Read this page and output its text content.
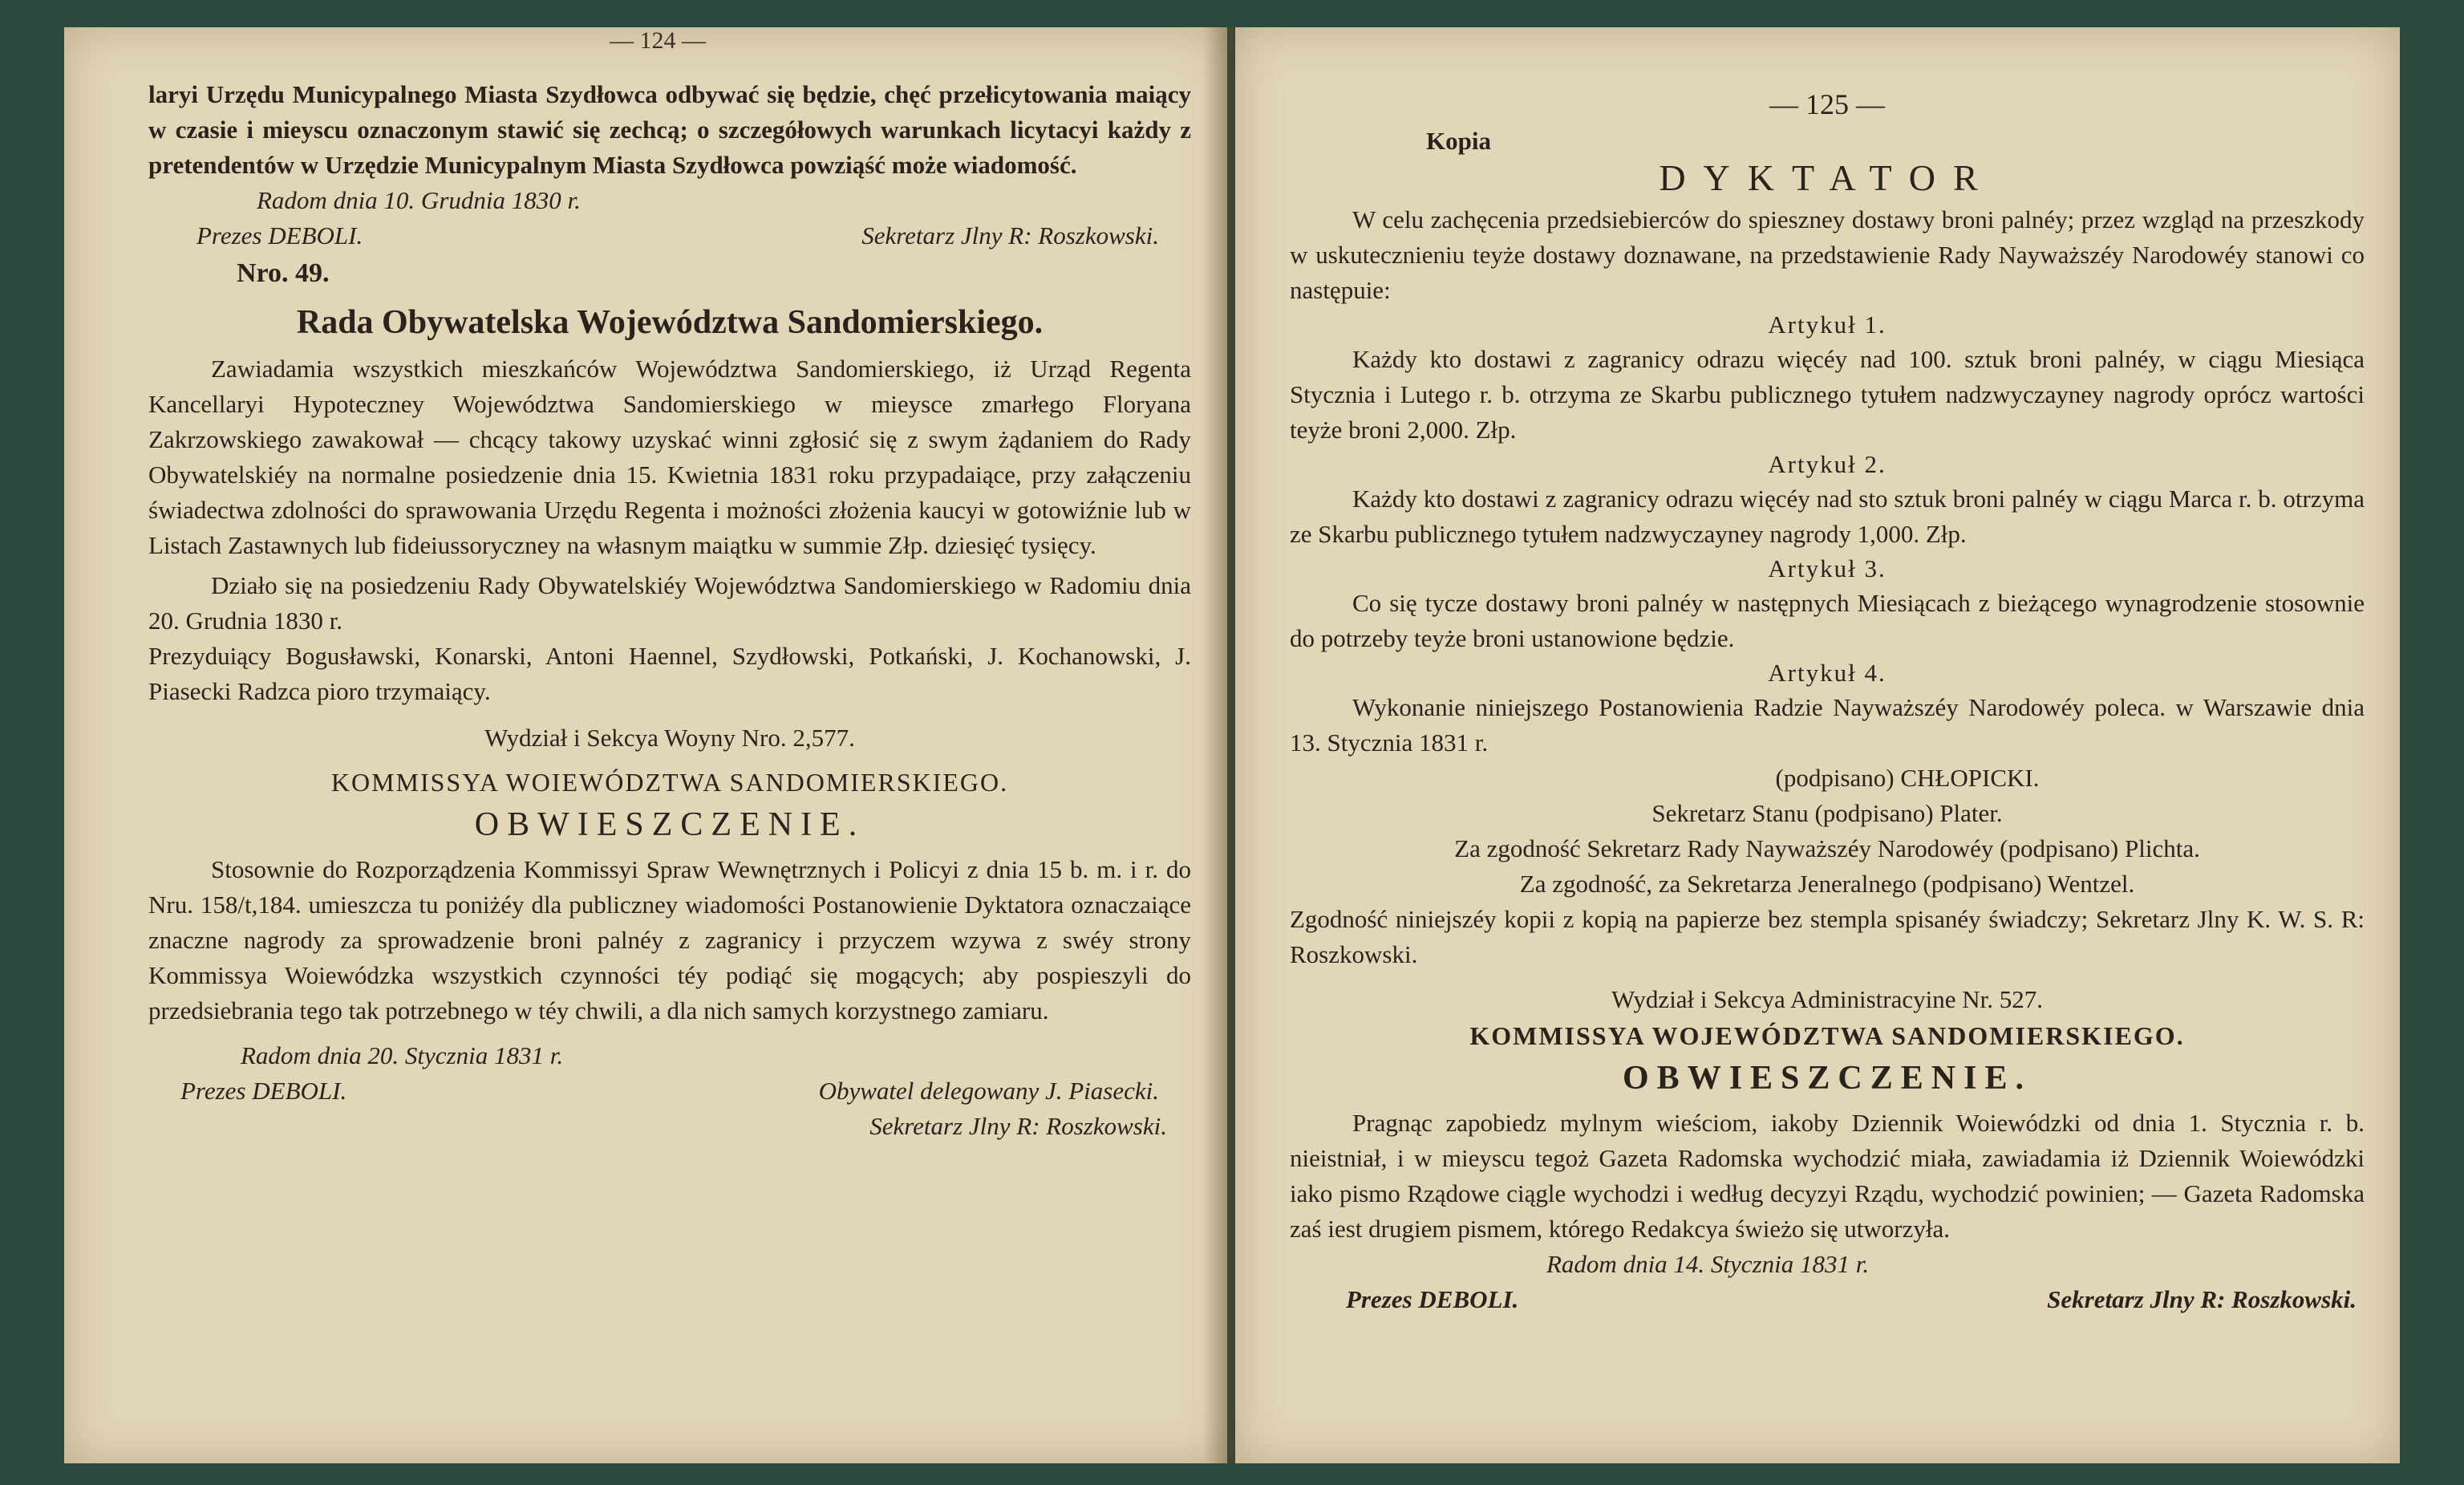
— 124 —

laryi Urzędu Municypalnego Miasta Szydłowca odbywać się będzie, chęć przełicytowania maiący w czasie i mieyscu oznaczonym stawić się zechcą; o szczegółowych warunkach licytacyi każdy z pretendentów w Urzędzie Municypalnym Miasta Szydłowca powziąść może wiadomość.

Radom dnia 10. Grudnia 1830 r.

Prezes DEBOLI.	Sekretarz Jlny R: Roszkowski.
Nro. 49.
Rada Obywatelska Województwa Sandomierskiego.

Zawiadamia wszystkich mieszkańców Województwa Sandomierskiego, iż Urząd Regenta Kancellaryi Hypoteczney Województwa Sandomierskiego w mieysce zmarłego Floryana Zakrzowskiego zawakował — chcący takowy uzyskać winni zgłosić się z swym żądaniem do Rady Obywatelskiéy na normalne posiedzenie dnia 15. Kwietnia 1831 roku przypadaiące, przy załączeniu świadectwa zdolności do sprawowania Urzędu Regenta i możności złożenia kaucyi w gotowiźnie lub w Listach Zastawnych lub fideiussoryczney na własnym maiątku w summie Złp. dziesięć tysięcy.

Działo się na posiedzeniu Rady Obywatelskiéy Województwa Sandomierskiego w Radomiu dnia 20. Grudnia 1830 r.

Prezyduiący Bogusławski, Konarski, Antoni Haennel, Szydłowski, Potkański, J. Kochanowski, J. Piasecki Radzca pioro trzymaiący.

Wydział i Sekcya Woyny Nro. 2,577.
KOMMISSYA WOIEWÓDZTWA SANDOMIERSKIEGO.
OBWIESZCZENIE.

Stosownie do Rozporządzenia Kommissyi Spraw Wewnętrznych i Policyi z dnia 15 b. m. i r. do Nru. 158/t,184. umieszcza tu poniżéy dla publiczney wiadomości Postanowienie Dyktatora oznaczaiące znaczne nagrody za sprowadzenie broni palnéy z zagranicy i przyczem wzywa z swéy strony Kommissya Woiewódzka wszystkich czynności téy podiąć się mogących; aby pospieszyli do przedsiebrania tego tak potrzebnego w téy chwili, a dla nich samych korzystnego zamiaru.

Radom dnia 20. Stycznia 1831 r.

Prezes DEBOLI.	Obywatel delegowany J. Piasecki.
Sekretarz Jlny R: Roszkowski.
— 125 —
Kopia
DYKTATOR

W celu zachęcenia przedsiebierców do spieszney dostawy broni palnéy; przez wzgląd na przeszkody w uskutecznieniu teyże dostawy doznawane, na przedstawienie Rady Nayważszéy Narodowéy stanowi co następuie:

Artykuł 1.

Każdy kto dostawi z zagranicy odrazu więcéy nad 100. sztuk broni palnéy, w ciągu Miesiąca Stycznia i Lutego r. b. otrzyma ze Skarbu publicznego tytułem nadzwyczayney nagrody oprócz wartości teyże broni 2,000. Złp.

Artykuł 2.

Każdy kto dostawi z zagranicy odrazu więcéy nad sto sztuk broni palnéy w ciągu Marca r. b. otrzyma ze Skarbu publicznego tytułem nadzwyczayney nagrody 1,000. Złp.

Artykuł 3.

Co się tycze dostawy broni palnéy w następnych Miesiącach z bieżącego wynagrodzenie stosownie do potrzeby teyże broni ustanowione będzie.

Artykuł 4.

Wykonanie niniejszego Postanowienia Radzie Nayważszéy Narodowéy poleca. w Warszawie dnia 13. Stycznia 1831 r.

(podpisano) CHŁOPICKI.
Sekretarz Stanu (podpisano) Plater.
Za zgodność Sekretarz Rady Nayważszéy Narodowéy (podpisano) Plichta.
Za zgodność, za Sekretarza Jeneralnego (podpisano) Wentzel.

Zgodność niniejszéy kopii z kopią na papierze bez stempla spisanéy świadczy; Sekretarz Jlny K. W. S. R: Roszkowski.

Wydział i Sekcya Administracyine Nr. 527.
KOMMISSYA WOJEWÓDZTWA SANDOMIERSKIEGO.
OBWIESZCZENIE.

Pragnąc zapobiedz mylnym wieściom, iakoby Dziennik Woiewódzki od dnia 1. Stycznia r. b. nieistniał, i w mieyscu tegoż Gazeta Radomska wychodzić miała, zawiadamia iż Dziennik Woiewódzki iako pismo Rządowe ciągle wychodzi i według decyzyi Rządu, wychodzić powinien; — Gazeta Radomska zaś iest drugiem pismem, którego Redakcya świeżo się utworzyła.

Radom dnia 14. Stycznia 1831 r.

Prezes DEBOLI.	Sekretarz Jlny R: Roszkowski.
